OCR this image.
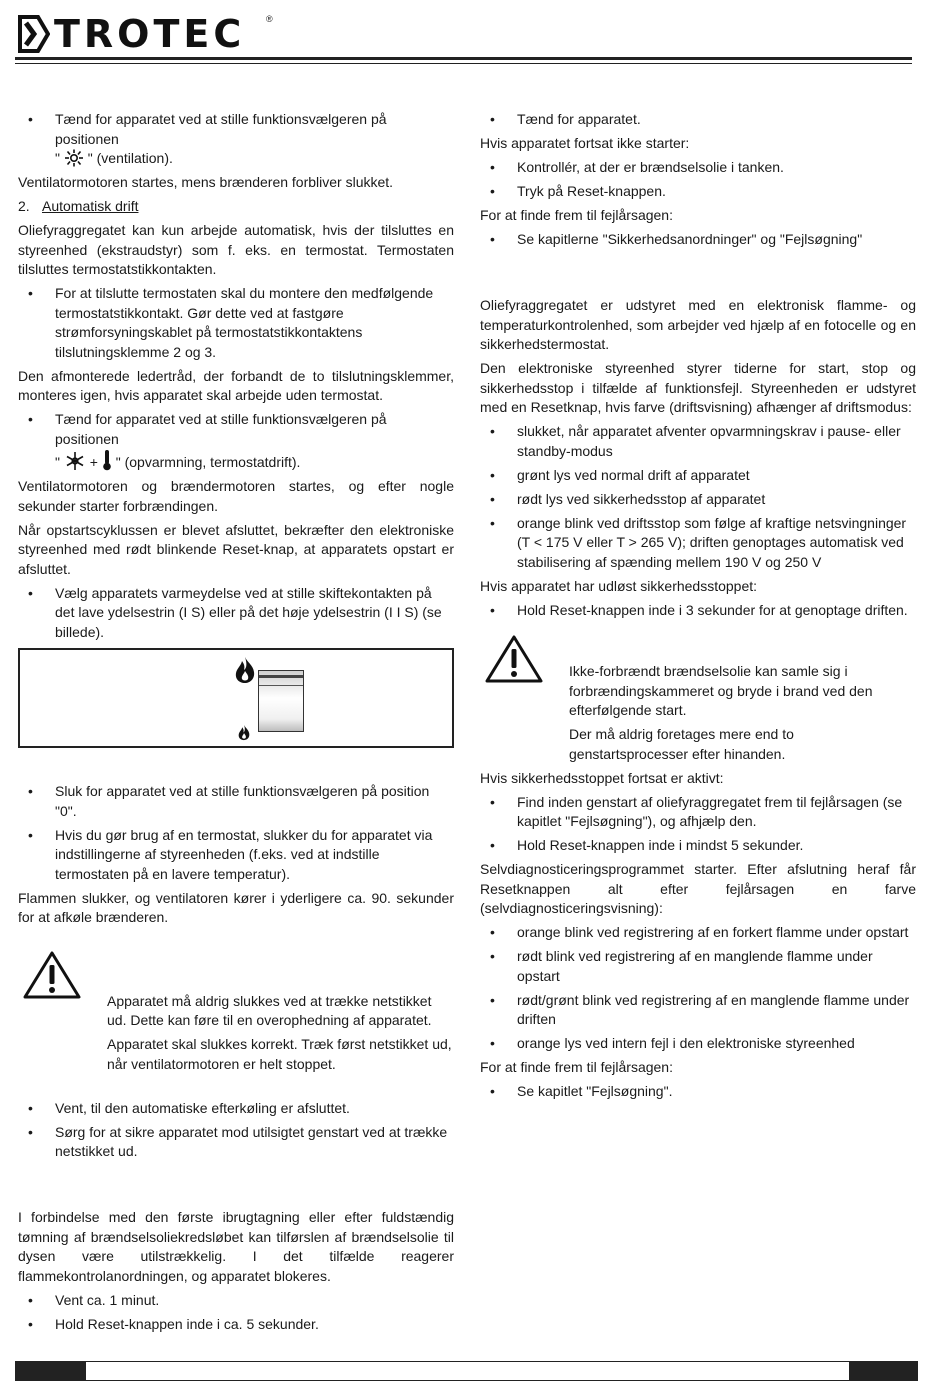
TROTEC ®
• Tænd for apparatet ved at stille funktionsvælgeren på positionen
" " (ventilation).

Ventilatormotoren startes, mens brænderen forbliver slukket.

2. Automatisk drift

Oliefyraggregatet kan kun arbejde automatisk, hvis der tilsluttes en styreenhed (ekstraudstyr) som f. eks. en termostat. Termostaten tilsluttes termostatstikkontakten.

• For at tilslutte termostaten skal du montere den medfølgende termostatstikkontakt. Gør dette ved at fastgøre strømforsyningskablet på termostatstikkontaktens tilslutningsklemme 2 og 3.

Den afmonterede ledertråd, der forbandt de to tilslutningsklemmer, monteres igen, hvis apparatet skal arbejde uden termostat.

• Tænd for apparatet ved at stille funktionsvælgeren på positionen
" + " (opvarmning, termostatdrift).

Ventilatormotoren og brændermotoren startes, og efter nogle sekunder starter forbrændingen.

Når opstartscyklussen er blevet afsluttet, bekræfter den elektroniske styreenhed med rødt blinkende Reset-knap, at apparatets opstart er afsluttet.

• Vælg apparatets varmeydelse ved at stille skiftekontakten på det lave ydelsestrin (I S) eller på det høje ydelsestrin (I I S) (se billede).
• Sluk for apparatet ved at stille funktionsvælgeren på position "0".
• Hvis du gør brug af en termostat, slukker du for apparatet via indstillingerne af styreenheden (f.eks. ved at indstille termostaten på en lavere temperatur).

Flammen slukker, og ventilatoren kører i yderligere ca. 90. sekunder for at afkøle brænderen.

Apparatet må aldrig slukkes ved at trække netstikket ud. Dette kan føre til en overophedning af apparatet.

Apparatet skal slukkes korrekt. Træk først netstikket ud, når ventilatormotoren er helt stoppet.

• Vent, til den automatiske efterkøling er afsluttet.
• Sørg for at sikre apparatet mod utilsigtet genstart ved at trække netstikket ud.

I forbindelse med den første ibrugtagning eller efter fuldstændig tømning af brændselsoliekredsløbet kan tilførslen af brændselsolie til dysen være utilstrækkelig. I det tilfælde reagerer flammekontrolanordningen, og apparatet blokeres.

• Vent ca. 1 minut.
• Hold Reset-knappen inde i ca. 5 sekunder.
• Tænd for apparatet.

Hvis apparatet fortsat ikke starter:

• Kontrollér, at der er brændselsolie i tanken.
• Tryk på Reset-knappen.

For at finde frem til fejlårsagen:

• Se kapitlerne "Sikkerhedsanordninger" og "Fejlsøgning"

Oliefyraggregatet er udstyret med en elektronisk flamme- og temperaturkontrolenhed, som arbejder ved hjælp af en fotocelle og en sikkerhedstermostat.

Den elektroniske styreenhed styrer tiderne for start, stop og sikkerhedsstop i tilfælde af funktionsfejl. Styreenheden er udstyret med en Resetknap, hvis farve (driftsvisning) afhænger af driftsmodus:

• slukket, når apparatet afventer opvarmningskrav i pause- eller standby-modus
• grønt lys ved normal drift af apparatet
• rødt lys ved sikkerhedsstop af apparatet
• orange blink ved driftsstop som følge af kraftige netsvingninger (T < 175 V eller T > 265 V); driften genoptages automatisk ved stabilisering af spænding mellem 190 V og 250 V

Hvis apparatet har udløst sikkerhedsstoppet:

• Hold Reset-knappen inde i 3 sekunder for at genoptage driften.

Ikke-forbrændt brændselsolie kan samle sig i forbrændingskammeret og bryde i brand ved den efterfølgende start.

Der må aldrig foretages mere end to genstartsprocesser efter hinanden.

Hvis sikkerhedsstoppet fortsat er aktivt:

• Find inden genstart af oliefyraggregatet frem til fejlårsagen (se kapitlet "Fejlsøgning"), og afhjælp den.
• Hold Reset-knappen inde i mindst 5 sekunder.

Selvdiagnosticeringsprogrammet starter. Efter afslutning heraf får Resetknappen alt efter fejlårsagen en farve (selvdiagnosticeringsvisning):

• orange blink ved registrering af en forkert flamme under opstart
• rødt blink ved registrering af en manglende flamme under opstart
• rødt/grønt blink ved registrering af en manglende flamme under driften
• orange lys ved intern fejl i den elektroniske styreenhed

For at finde frem til fejlårsagen:

• Se kapitlet "Fejlsøgning".
